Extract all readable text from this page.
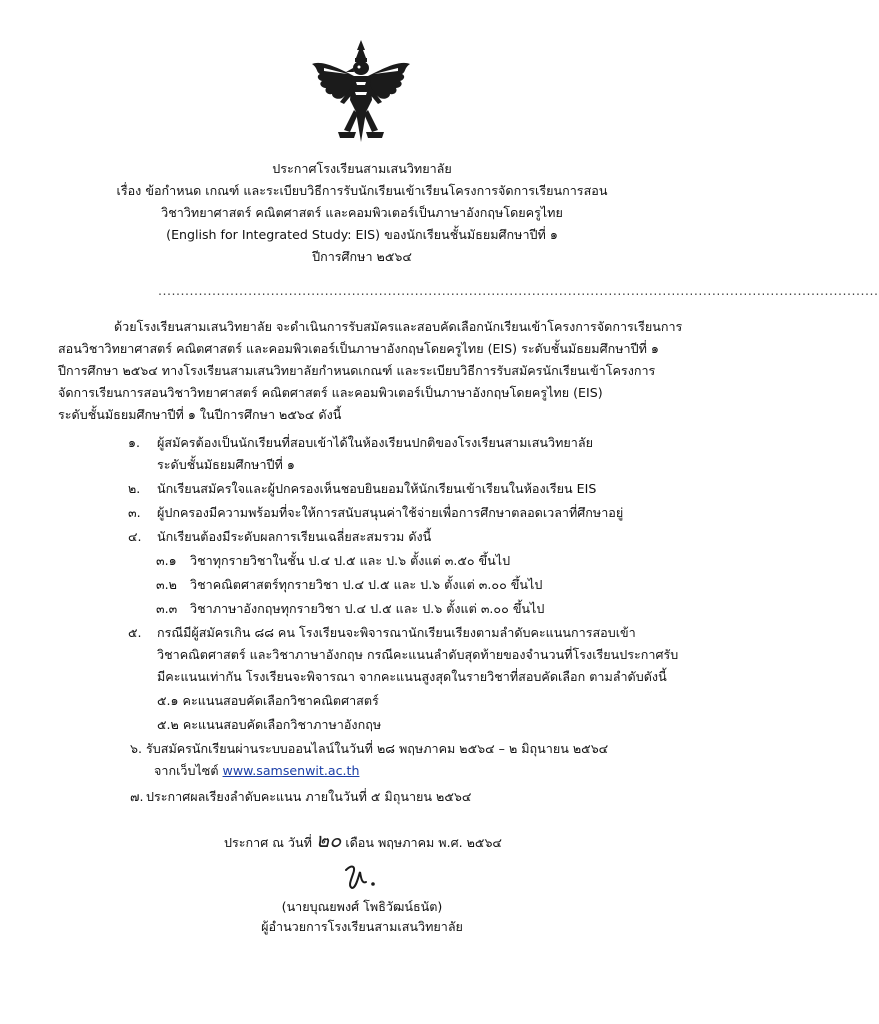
ประกาศโรงเรียนสามเสนวิทยาลัย
เรื่อง ข้อกำหนด เกณฑ์ และระเบียบวิธีการรับนักเรียนเข้าเรียนโครงการจัดการเรียนการสอน
วิชาวิทยาศาสตร์ คณิตศาสตร์ และคอมพิวเตอร์เป็นภาษาอังกฤษโดยครูไทย
(English for Integrated Study: EIS) ของนักเรียนชั้นมัธยมศึกษาปีที่ ๑
ปีการศึกษา ๒๕๖๔
................................................................................................................................................................
ด้วยโรงเรียนสามเสนวิทยาลัย จะดำเนินการรับสมัครและสอบคัดเลือกนักเรียนเข้าโครงการจัดการเรียนการ
สอนวิชาวิทยาศาสตร์ คณิตศาสตร์ และคอมพิวเตอร์เป็นภาษาอังกฤษโดยครูไทย (EIS) ระดับชั้นมัธยมศึกษาปีที่ ๑
ปีการศึกษา ๒๕๖๔ ทางโรงเรียนสามเสนวิทยาลัยกำหนดเกณฑ์ และระเบียบวิธีการรับสมัครนักเรียนเข้าโครงการ
จัดการเรียนการสอนวิชาวิทยาศาสตร์ คณิตศาสตร์ และคอมพิวเตอร์เป็นภาษาอังกฤษโดยครูไทย (EIS)
ระดับชั้นมัธยมศึกษาปีที่ ๑ ในปีการศึกษา ๒๕๖๔ ดังนี้
๑. ผู้สมัครต้องเป็นนักเรียนที่สอบเข้าได้ในห้องเรียนปกติของโรงเรียนสามเสนวิทยาลัย
ระดับชั้นมัธยมศึกษาปีที่ ๑
๒. นักเรียนสมัครใจและผู้ปกครองเห็นชอบยินยอมให้นักเรียนเข้าเรียนในห้องเรียน EIS
๓. ผู้ปกครองมีความพร้อมที่จะให้การสนับสนุนค่าใช้จ่ายเพื่อการศึกษาตลอดเวลาที่ศึกษาอยู่
๔. นักเรียนต้องมีระดับผลการเรียนเฉลี่ยสะสมรวม ดังนี้
๓.๑ วิชาทุกรายวิชาในชั้น ป.๔ ป.๕ และ ป.๖ ตั้งแต่ ๓.๕๐ ขึ้นไป
๓.๒ วิชาคณิตศาสตร์ทุกรายวิชา ป.๔ ป.๕ และ ป.๖ ตั้งแต่ ๓.๐๐ ขึ้นไป
๓.๓ วิชาภาษาอังกฤษทุกรายวิชา ป.๔ ป.๕ และ ป.๖ ตั้งแต่ ๓.๐๐ ขึ้นไป
๕. กรณีมีผู้สมัครเกิน ๘๘ คน โรงเรียนจะพิจารณานักเรียนเรียงตามลำดับคะแนนการสอบเข้า
วิชาคณิตศาสตร์ และวิชาภาษาอังกฤษ กรณีคะแนนลำดับสุดท้ายของจำนวนที่โรงเรียนประกาศรับ
มีคะแนนเท่ากัน โรงเรียนจะพิจารณา จากคะแนนสูงสุดในรายวิชาที่สอบคัดเลือก ตามลำดับดังนี้
๕.๑ คะแนนสอบคัดเลือกวิชาคณิตศาสตร์
๕.๒ คะแนนสอบคัดเลือกวิชาภาษาอังกฤษ
๖. รับสมัครนักเรียนผ่านระบบออนไลน์ในวันที่ ๒๘ พฤษภาคม ๒๕๖๔ – ๒ มิถุนายน ๒๕๖๔
จากเว็บไซต์ www.samsenwit.ac.th
๗. ประกาศผลเรียงลำดับคะแนน ภายในวันที่ ๕ มิถุนายน ๒๕๖๔
ประกาศ ณ วันที่ ๒๐ เดือน พฤษภาคม พ.ศ. ๒๕๖๔
(นายบุณยพงศ์ โพธิวัฒน์ธนัต)
ผู้อำนวยการโรงเรียนสามเสนวิทยาลัย
